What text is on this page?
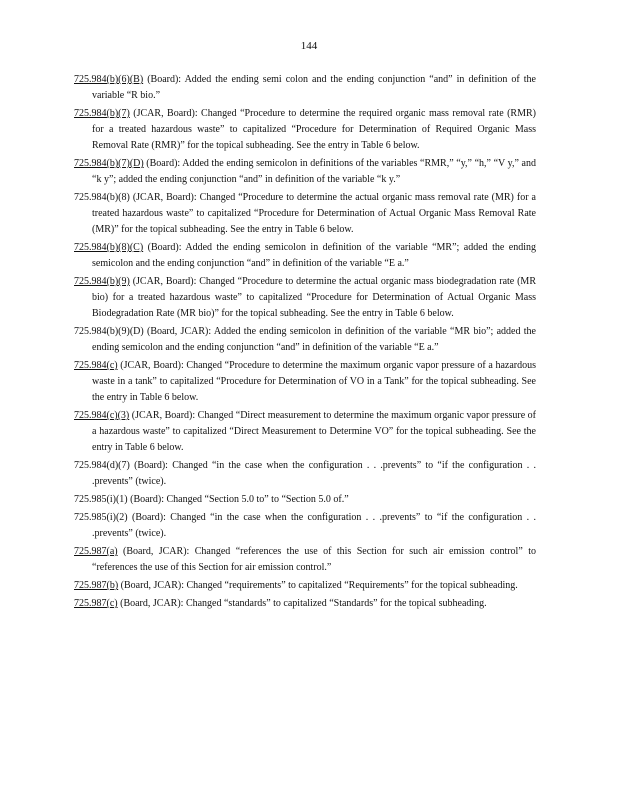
144
725.984(b)(6)(B) (Board): Added the ending semi colon and the ending conjunction “and” in definition of the variable “R bio.”
725.984(b)(7) (JCAR, Board): Changed “Procedure to determine the required organic mass removal rate (RMR) for a treated hazardous waste” to capitalized “Procedure for Determination of Required Organic Mass Removal Rate (RMR)” for the topical subheading. See the entry in Table 6 below.
725.984(b)(7)(D) (Board): Added the ending semicolon in definitions of the variables “RMR,” “y,” “h,” “V y,” and “k y”; added the ending conjunction “and” in definition of the variable “k y.”
725.984(b)(8) (JCAR, Board): Changed “Procedure to determine the actual organic mass removal rate (MR) for a treated hazardous waste” to capitalized “Procedure for Determination of Actual Organic Mass Removal Rate (MR)” for the topical subheading. See the entry in Table 6 below.
725.984(b)(8)(C) (Board): Added the ending semicolon in definition of the variable “MR”; added the ending semicolon and the ending conjunction “and” in definition of the variable “E a.”
725.984(b)(9) (JCAR, Board): Changed “Procedure to determine the actual organic mass biodegradation rate (MR bio) for a treated hazardous waste” to capitalized “Procedure for Determination of Actual Organic Mass Biodegradation Rate (MR bio)” for the topical subheading. See the entry in Table 6 below.
725.984(b)(9)(D) (Board, JCAR): Added the ending semicolon in definition of the variable “MR bio”; added the ending semicolon and the ending conjunction “and” in definition of the variable “E a.”
725.984(c) (JCAR, Board): Changed “Procedure to determine the maximum organic vapor pressure of a hazardous waste in a tank” to capitalized “Procedure for Determination of VO in a Tank” for the topical subheading. See the entry in Table 6 below.
725.984(c)(3) (JCAR, Board): Changed “Direct measurement to determine the maximum organic vapor pressure of a hazardous waste” to capitalized “Direct Measurement to Determine VO” for the topical subheading. See the entry in Table 6 below.
725.984(d)(7) (Board): Changed “in the case when the configuration . . .prevents” to “if the configuration . . .prevents” (twice).
725.985(i)(1) (Board): Changed “Section 5.0 to” to “Section 5.0 of.”
725.985(i)(2) (Board): Changed “in the case when the configuration . . .prevents” to “if the configuration . . .prevents” (twice).
725.987(a) (Board, JCAR): Changed “references the use of this Section for such air emission control” to “references the use of this Section for air emission control.”
725.987(b) (Board, JCAR): Changed “requirements” to capitalized “Requirements” for the topical subheading.
725.987(c) (Board, JCAR): Changed “standards” to capitalized “Standards” for the topical subheading.
